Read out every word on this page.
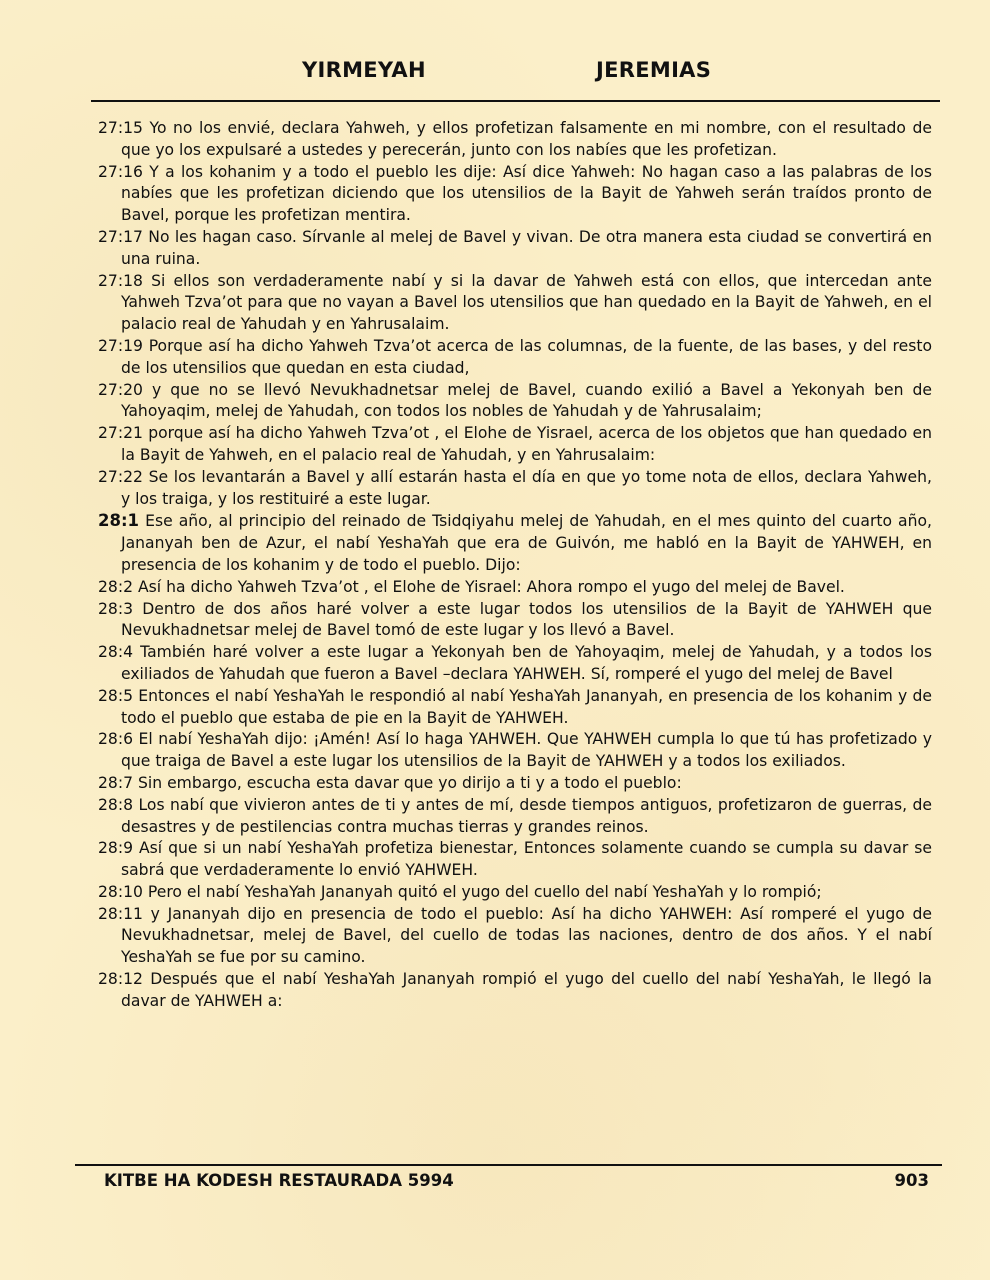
YIRMEYAH	JEREMIAS

27:15 Yo no los envié, declara Yahweh, y ellos profetizan falsamente en mi nombre, con el resultado de que yo los expulsaré a ustedes y perecerán, junto con los nabíes que les profetizan.

27:16 Y a los kohanim y a todo el pueblo les dije: Así dice Yahweh: No hagan caso a las palabras de los nabíes que les profetizan diciendo que los utensilios de la Bayit de Yahweh serán traídos pronto de Bavel, porque les profetizan mentira.

27:17 No les hagan caso. Sírvanle al melej de Bavel y vivan. De otra manera esta ciudad se convertirá en una ruina.

27:18 Si ellos son verdaderamente nabí y si la davar de Yahweh está con ellos, que intercedan ante Yahweh Tzva’ot para que no vayan a Bavel los utensilios que han quedado en la Bayit de Yahweh, en el palacio real de Yahudah y en Yahrusalaim.

27:19 Porque así ha dicho Yahweh Tzva’ot acerca de las columnas, de la fuente, de las bases, y del resto de los utensilios que quedan en esta ciudad,

27:20 y que no se llevó Nevukhadnetsar melej de Bavel, cuando exilió a Bavel a Yekonyah ben de Yahoyaqim, melej de Yahudah, con todos los nobles de Yahudah y de Yahrusalaim;

27:21 porque así ha dicho Yahweh Tzva’ot , el Elohe de Yisrael, acerca de los objetos que han quedado en la Bayit de Yahweh, en el palacio real de Yahudah, y en Yahrusalaim:

27:22 Se los levantarán a Bavel y allí estarán hasta el día en que yo tome nota de ellos, declara Yahweh, y los traiga, y los restituiré a este lugar.

28:1 Ese año, al principio del reinado de Tsidqiyahu melej de Yahudah, en el mes quinto del cuarto año, Jananyah ben de Azur, el nabí YeshaYah que era de Guivón, me habló en la Bayit de YAHWEH, en presencia de los kohanim y de todo el pueblo. Dijo:

28:2 Así ha dicho Yahweh Tzva’ot , el Elohe de Yisrael: Ahora rompo el yugo del melej de Bavel.

28:3 Dentro de dos años haré volver a este lugar todos los utensilios de la Bayit de YAHWEH que Nevukhadnetsar melej de Bavel tomó de este lugar y los llevó a Bavel.

28:4 También haré volver a este lugar a Yekonyah ben de Yahoyaqim, melej de Yahudah, y a todos los exiliados de Yahudah que fueron a Bavel –declara YAHWEH. Sí, romperé el yugo del melej de Bavel

28:5 Entonces el nabí YeshaYah le respondió al nabí YeshaYah Jananyah, en presencia de los kohanim y de todo el pueblo que estaba de pie en la Bayit de YAHWEH.

28:6 El nabí YeshaYah dijo: ¡Amén! Así lo haga YAHWEH. Que YAHWEH cumpla lo que tú has profetizado y que traiga de Bavel a este lugar los utensilios de la Bayit de YAHWEH y a todos los exiliados.

28:7 Sin embargo, escucha esta davar que yo dirijo a ti y a todo el pueblo:

28:8 Los nabí que vivieron antes de ti y antes de mí, desde tiempos antiguos, profetizaron de guerras, de desastres y de pestilencias contra muchas tierras y grandes reinos.

28:9 Así que si un nabí YeshaYah profetiza bienestar, Entonces solamente cuando se cumpla su davar se sabrá que verdaderamente lo envió YAHWEH.

28:10 Pero el nabí YeshaYah Jananyah quitó el yugo del cuello del nabí YeshaYah y lo rompió;

28:11 y Jananyah dijo en presencia de todo el pueblo: Así ha dicho YAHWEH: Así romperé el yugo de Nevukhadnetsar, melej de Bavel, del cuello de todas las naciones, dentro de dos años. Y el nabí YeshaYah se fue por su camino.

28:12 Después que el nabí YeshaYah Jananyah rompió el yugo del cuello del nabí YeshaYah, le llegó la davar de YAHWEH a:

KITBE HA KODESH RESTAURADA 5994	903
